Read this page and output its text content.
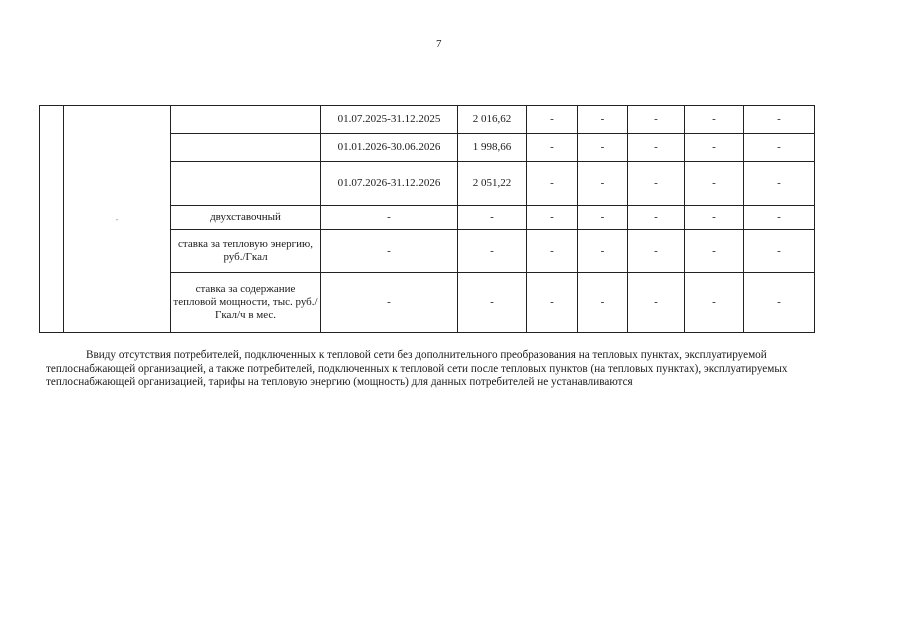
7
	-		01.07.2025-31.12.2025	2 016,62	-	-	-	-	-
			01.01.2026-30.06.2026	1 998,66	-	-	-	-	-
			01.07.2026-31.12.2026	2 051,22	-	-	-	-	-
		двухставочный	-	-	-	-	-	-	-
		ставка за тепловую энергию, руб./Гкал	-	-	-	-	-	-	-
		ставка за содержание тепловой мощности, тыс. руб./Гкал/ч в мес.	-	-	-	-	-	-	-

Ввиду отсутствия потребителей, подключенных к тепловой сети без дополнительного преобразования на тепловых пунктах, эксплуатируемой теплоснабжающей организацией, а также потребителей, подключенных к тепловой сети после тепловых пунктов (на тепловых пунктах), эксплуатируемых теплоснабжающей организацией, тарифы на тепловую энергию (мощность) для данных потребителей не устанавливаются
